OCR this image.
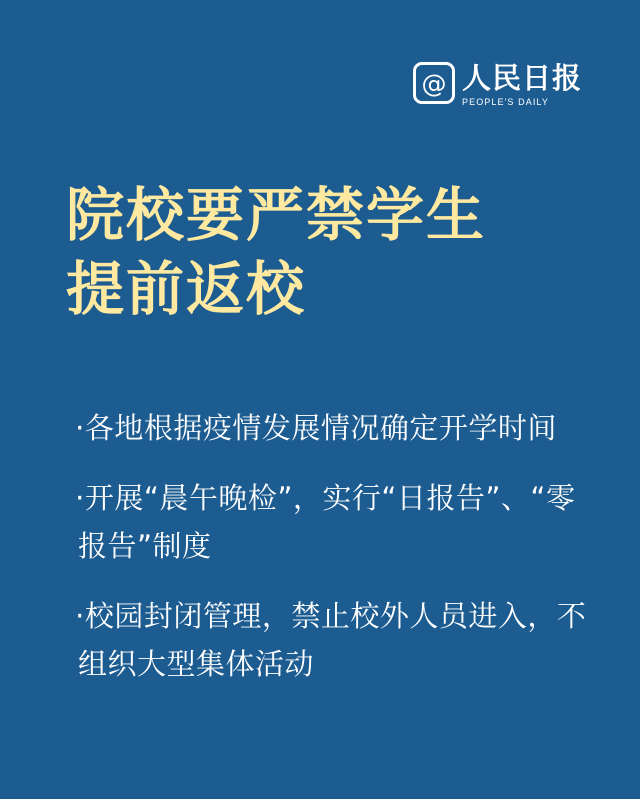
@ 人民日报
PEOPLE'S DAILY
院校要严禁学生
提前返校
·各地根据疫情发展情况确定开学时间
·开展“晨午晚检”，实行“日报告”、“零报告”制度
·校园封闭管理，禁止校外人员进入，不组织大型集体活动
